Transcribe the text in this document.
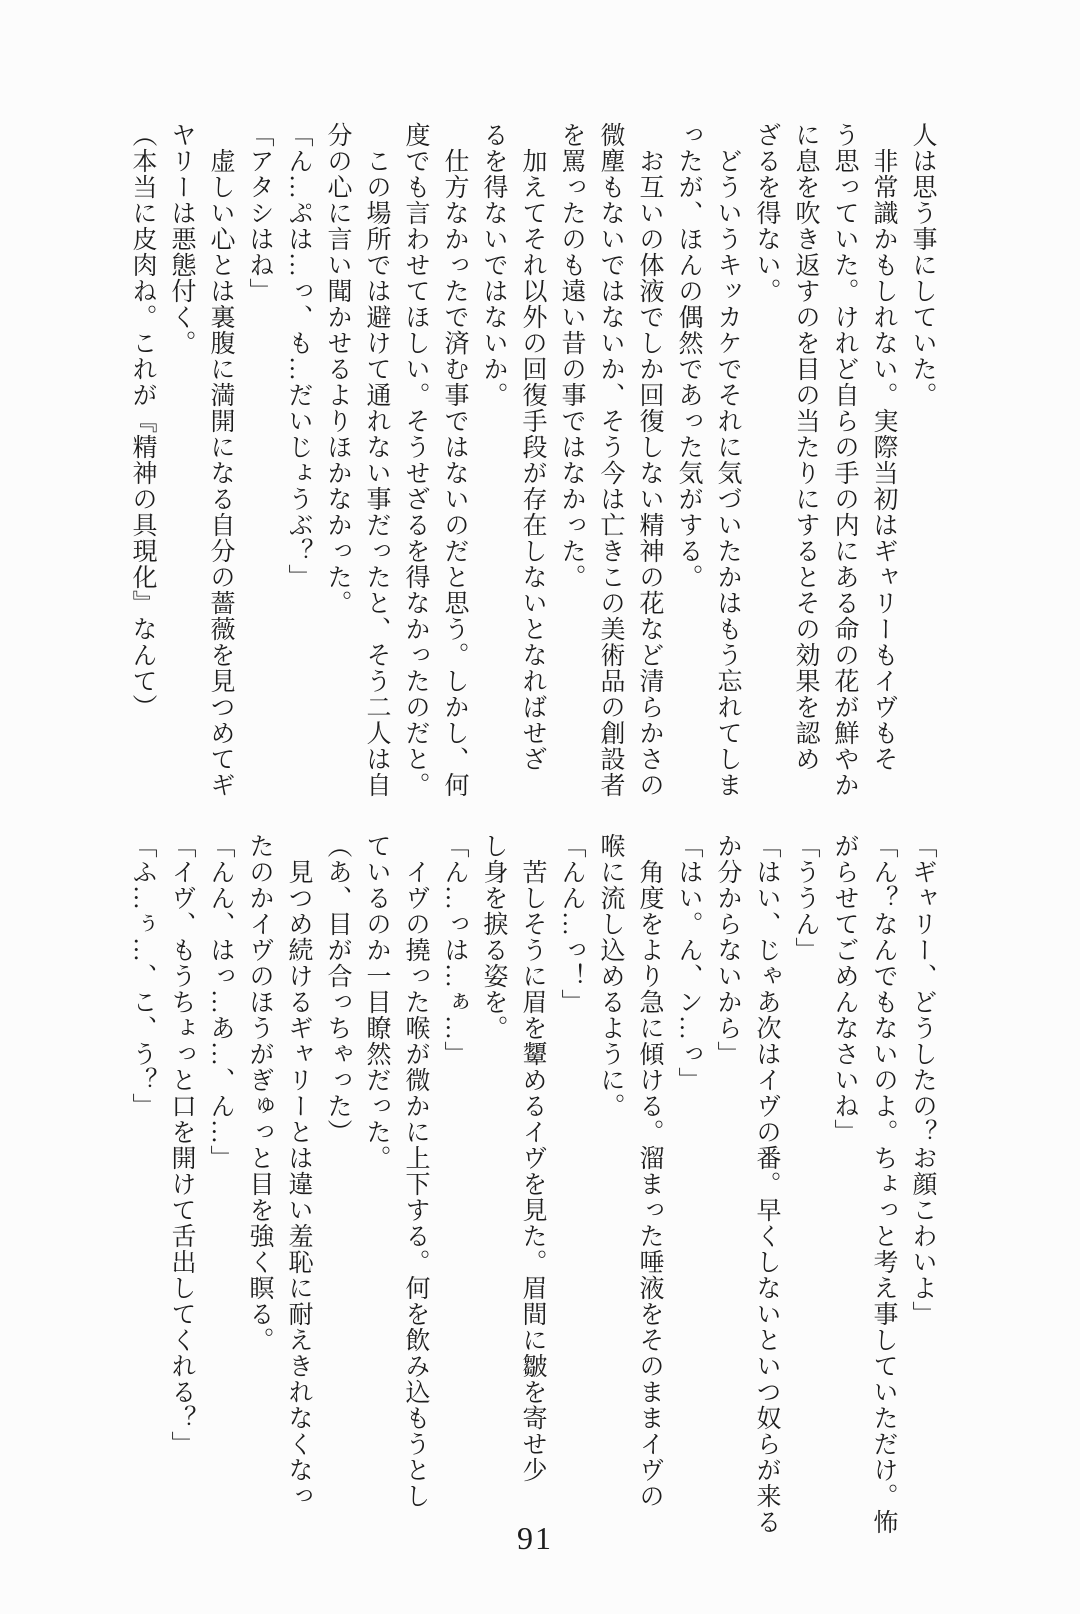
人は思う事にしていた。
非常識かもしれない。実際当初はギャリーもイヴもそ
う思っていた。けれど自らの手の内にある命の花が鮮やか
に息を吹き返すのを目の当たりにするとその効果を認め
ざるを得ない。
どういうキッカケでそれに気づいたかはもう忘れてしま
ったが、ほんの偶然であった気がする。
お互いの体液でしか回復しない精神の花など清らかさの
微塵もないではないか、そう今は亡きこの美術品の創設者
を罵ったのも遠い昔の事ではなかった。
加えてそれ以外の回復手段が存在しないとなればせざ
るを得ないではないか。
仕方なかったで済む事ではないのだと思う。しかし、何
度でも言わせてほしい。そうせざるを得なかったのだと。
この場所では避けて通れない事だったと、そう二人は自
分の心に言い聞かせるよりほかなかった。
「ん…ぷは…っ、も…だいじょうぶ？」
「アタシはね」
虚しい心とは裏腹に満開になる自分の薔薇を見つめてギ
ヤリーは悪態付く。
（本当に皮肉ね。これが『精神の具現化』なんて）
「ギャリー、どうしたの？お顔こわいよ」
「ん？なんでもないのよ。ちょっと考え事していただけ。怖
がらせてごめんなさいね」
「ううん」
「はい、じゃあ次はイヴの番。早くしないといつ奴らが来る
か分からないから」
「はい。ん、ン…っ」
角度をより急に傾ける。溜まった唾液をそのままイヴの
喉に流し込めるように。
「んん…っ！」
苦しそうに眉を顰めるイヴを見た。眉間に皺を寄せ少
し身を捩る姿を。
「ん…っは…ぁ…」
イヴの撓った喉が微かに上下する。何を飲み込もうとし
ているのか一目瞭然だった。
（あ、目が合っちゃった）
見つめ続けるギャリーとは違い羞恥に耐えきれなくなっ
たのかイヴのほうがぎゅっと目を強く瞑る。
「んん、はっ…あ…、ん…」
「イヴ、もうちょっと口を開けて舌出してくれる？」
「ふ…ぅ…、こ、う？」
91
